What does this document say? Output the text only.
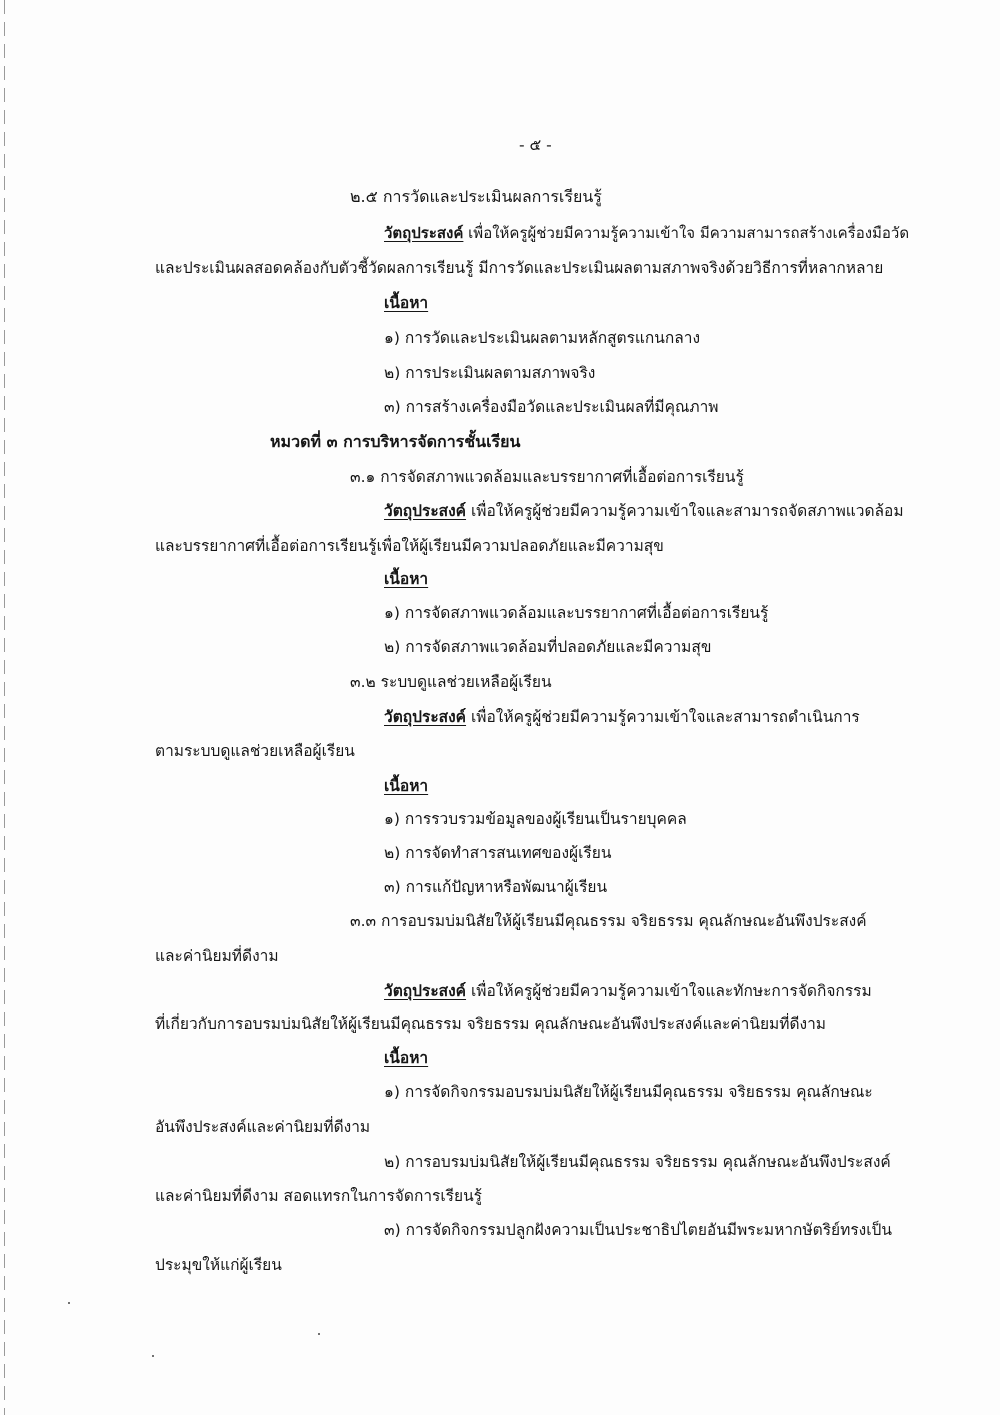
- ๕ -
๒.๕ การวัดและประเมินผลการเรียนรู้
วัตถุประสงค์ เพื่อให้ครูผู้ช่วยมีความรู้ความเข้าใจ มีความสามารถสร้างเครื่องมือวัด
และประเมินผลสอดคล้องกับตัวชี้วัดผลการเรียนรู้ มีการวัดและประเมินผลตามสภาพจริงด้วยวิธีการที่หลากหลาย
เนื้อหา
๑) การวัดและประเมินผลตามหลักสูตรแกนกลาง
๒) การประเมินผลตามสภาพจริง
๓) การสร้างเครื่องมือวัดและประเมินผลที่มีคุณภาพ
หมวดที่ ๓ การบริหารจัดการชั้นเรียน
๓.๑ การจัดสภาพแวดล้อมและบรรยากาศที่เอื้อต่อการเรียนรู้
วัตถุประสงค์ เพื่อให้ครูผู้ช่วยมีความรู้ความเข้าใจและสามารถจัดสภาพแวดล้อม
และบรรยากาศที่เอื้อต่อการเรียนรู้เพื่อให้ผู้เรียนมีความปลอดภัยและมีความสุข
เนื้อหา
๑) การจัดสภาพแวดล้อมและบรรยากาศที่เอื้อต่อการเรียนรู้
๒) การจัดสภาพแวดล้อมที่ปลอดภัยและมีความสุข
๓.๒ ระบบดูแลช่วยเหลือผู้เรียน
วัตถุประสงค์ เพื่อให้ครูผู้ช่วยมีความรู้ความเข้าใจและสามารถดำเนินการ
ตามระบบดูแลช่วยเหลือผู้เรียน
เนื้อหา
๑) การรวบรวมข้อมูลของผู้เรียนเป็นรายบุคคล
๒) การจัดทำสารสนเทศของผู้เรียน
๓) การแก้ปัญหาหรือพัฒนาผู้เรียน
๓.๓ การอบรมบ่มนิสัยให้ผู้เรียนมีคุณธรรม จริยธรรม คุณลักษณะอันพึงประสงค์
และค่านิยมที่ดีงาม
วัตถุประสงค์ เพื่อให้ครูผู้ช่วยมีความรู้ความเข้าใจและทักษะการจัดกิจกรรม
ที่เกี่ยวกับการอบรมบ่มนิสัยให้ผู้เรียนมีคุณธรรม จริยธรรม คุณลักษณะอันพึงประสงค์และค่านิยมที่ดีงาม
เนื้อหา
๑) การจัดกิจกรรมอบรมบ่มนิสัยให้ผู้เรียนมีคุณธรรม จริยธรรม คุณลักษณะ
อันพึงประสงค์และค่านิยมที่ดีงาม
๒) การอบรมบ่มนิสัยให้ผู้เรียนมีคุณธรรม จริยธรรม คุณลักษณะอันพึงประสงค์
และค่านิยมที่ดีงาม สอดแทรกในการจัดการเรียนรู้
๓) การจัดกิจกรรมปลูกฝังความเป็นประชาธิปไตยอันมีพระมหากษัตริย์ทรงเป็น
ประมุขให้แก่ผู้เรียน
